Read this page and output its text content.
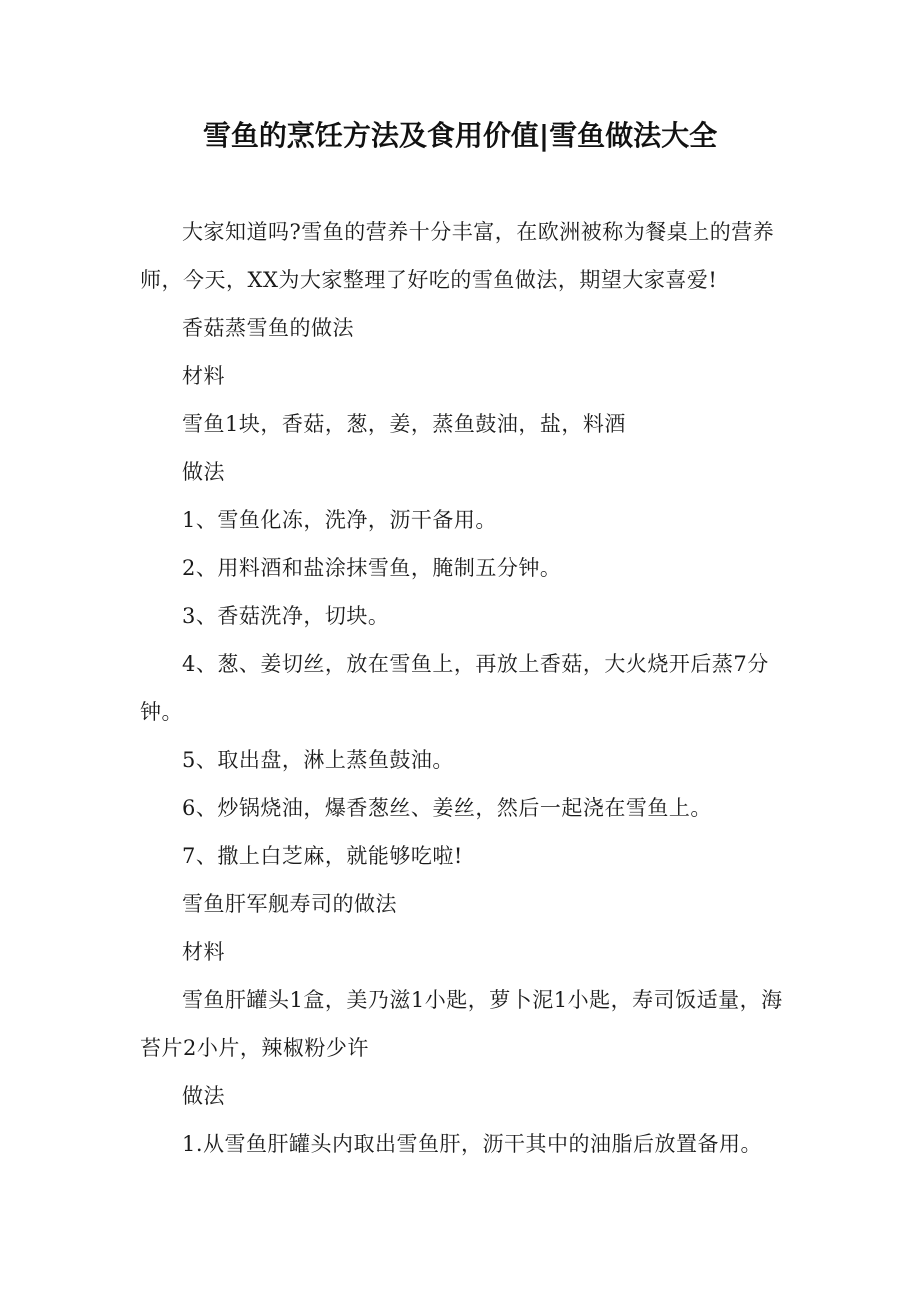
雪鱼的烹饪方法及食用价值|雪鱼做法大全

大家知道吗?雪鱼的营养十分丰富，在欧洲被称为餐桌上的营养师，今天，XX为大家整理了好吃的雪鱼做法，期望大家喜爱!

香菇蒸雪鱼的做法

材料

雪鱼1块，香菇，葱，姜，蒸鱼鼓油，盐，料酒

做法

1、雪鱼化冻，洗净，沥干备用。

2、用料酒和盐涂抹雪鱼，腌制五分钟。

3、香菇洗净，切块。

4、葱、姜切丝，放在雪鱼上，再放上香菇，大火烧开后蒸7分钟。

5、取出盘，淋上蒸鱼鼓油。

6、炒锅烧油，爆香葱丝、姜丝，然后一起浇在雪鱼上。

7、撒上白芝麻，就能够吃啦!

雪鱼肝军舰寿司的做法

材料

雪鱼肝罐头1盒，美乃滋1小匙，萝卜泥1小匙，寿司饭适量，海苔片2小片，辣椒粉少许

做法

1.从雪鱼肝罐头内取出雪鱼肝，沥干其中的油脂后放置备用。
